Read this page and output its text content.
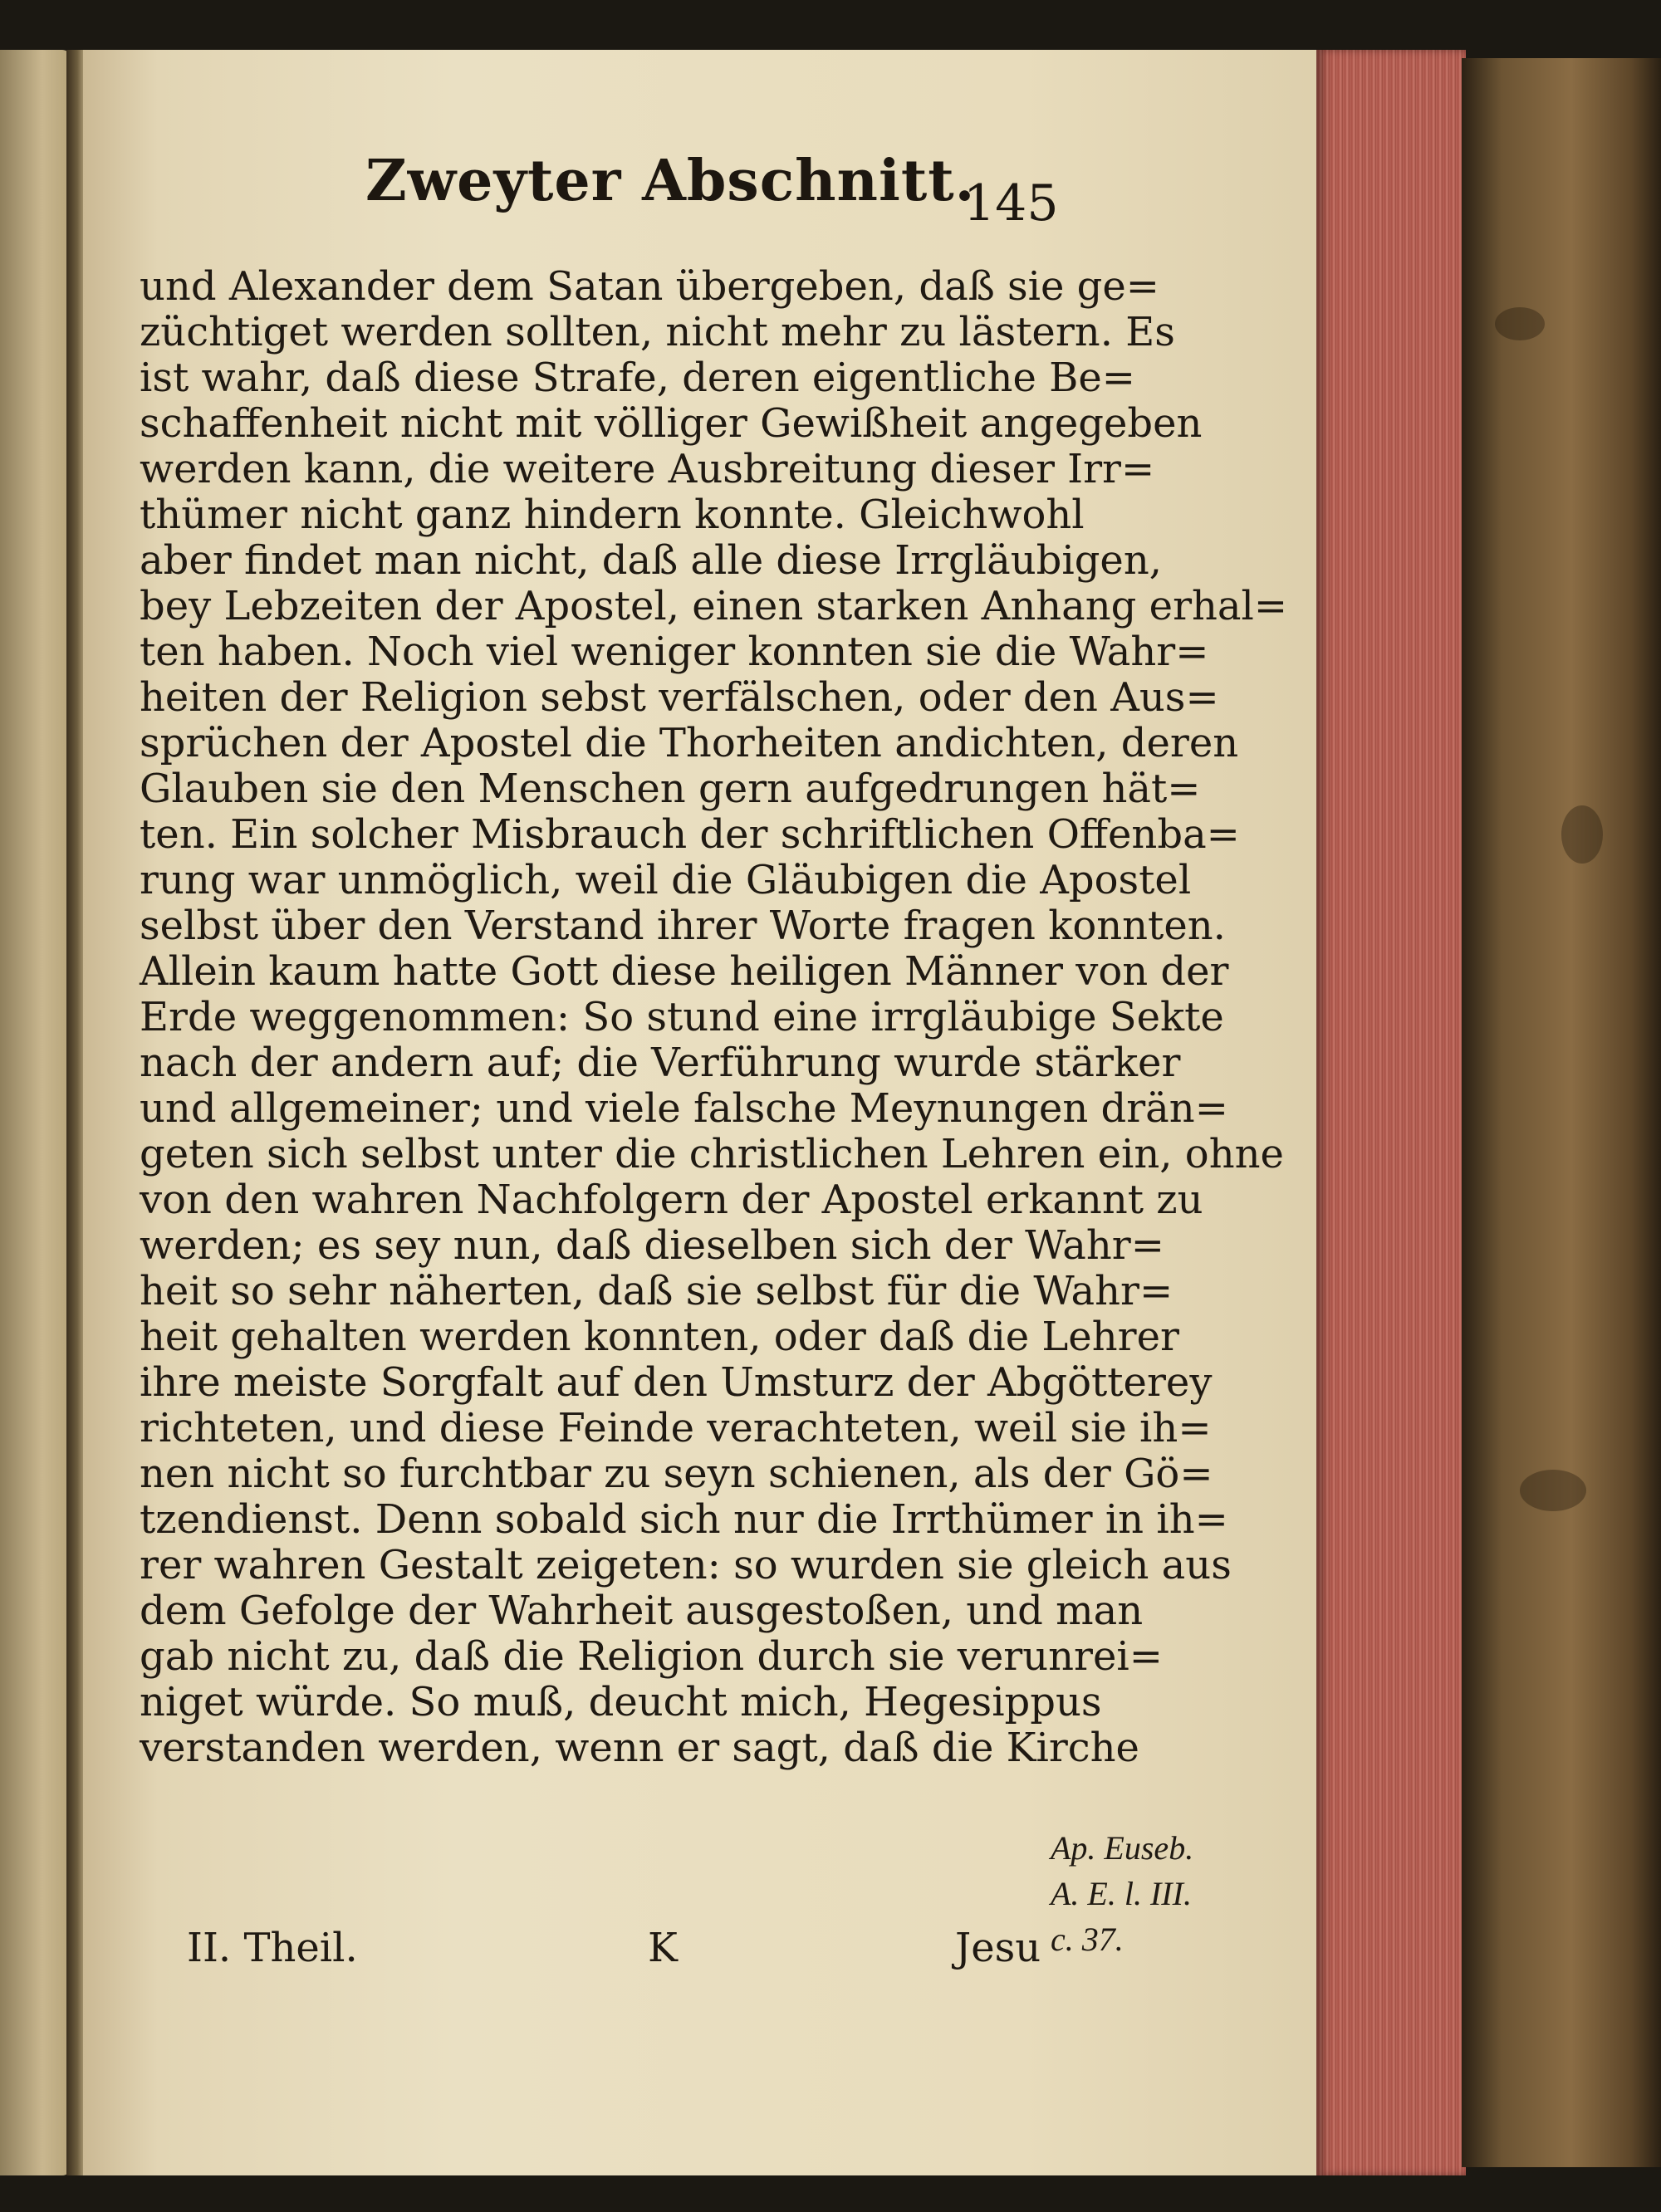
Zweyter Abschnitt.
145
und Alexander dem Satan übergeben, daß sie ge=
züchtiget werden sollten, nicht mehr zu lästern. Es
ist wahr, daß diese Strafe, deren eigentliche Be=
schaffenheit nicht mit völliger Gewißheit angegeben
werden kann, die weitere Ausbreitung dieser Irr=
thümer nicht ganz hindern konnte. Gleichwohl
aber findet man nicht, daß alle diese Irrgläubigen,
bey Lebzeiten der Apostel, einen starken Anhang erhal=
ten haben. Noch viel weniger konnten sie die Wahr=
heiten der Religion sebst verfälschen, oder den Aus=
sprüchen der Apostel die Thorheiten andichten, deren
Glauben sie den Menschen gern aufgedrungen hät=
ten. Ein solcher Misbrauch der schriftlichen Offenba=
rung war unmöglich, weil die Gläubigen die Apostel
selbst über den Verstand ihrer Worte fragen konnten.
Allein kaum hatte Gott diese heiligen Männer von der
Erde weggenommen: So stund eine irrgläubige Sekte
nach der andern auf; die Verführung wurde stärker
und allgemeiner; und viele falsche Meynungen drän=
geten sich selbst unter die christlichen Lehren ein, ohne
von den wahren Nachfolgern der Apostel erkannt zu
werden; es sey nun, daß dieselben sich der Wahr=
heit so sehr näherten, daß sie selbst für die Wahr=
heit gehalten werden konnten, oder daß die Lehrer
ihre meiste Sorgfalt auf den Umsturz der Abgötterey
richteten, und diese Feinde verachteten, weil sie ih=
nen nicht so furchtbar zu seyn schienen, als der Gö=
tzendienst. Denn sobald sich nur die Irrthümer in ih=
rer wahren Gestalt zeigeten: so wurden sie gleich aus
dem Gefolge der Wahrheit ausgestoßen, und man
gab nicht zu, daß die Religion durch sie verunrei=
niget würde. So muß, deucht mich, Hegesippus
verstanden werden, wenn er sagt, daß die Kirche
Ap. Euseb.
A. E. l. III.
c. 37.
II. Theil.	K	Jesu
